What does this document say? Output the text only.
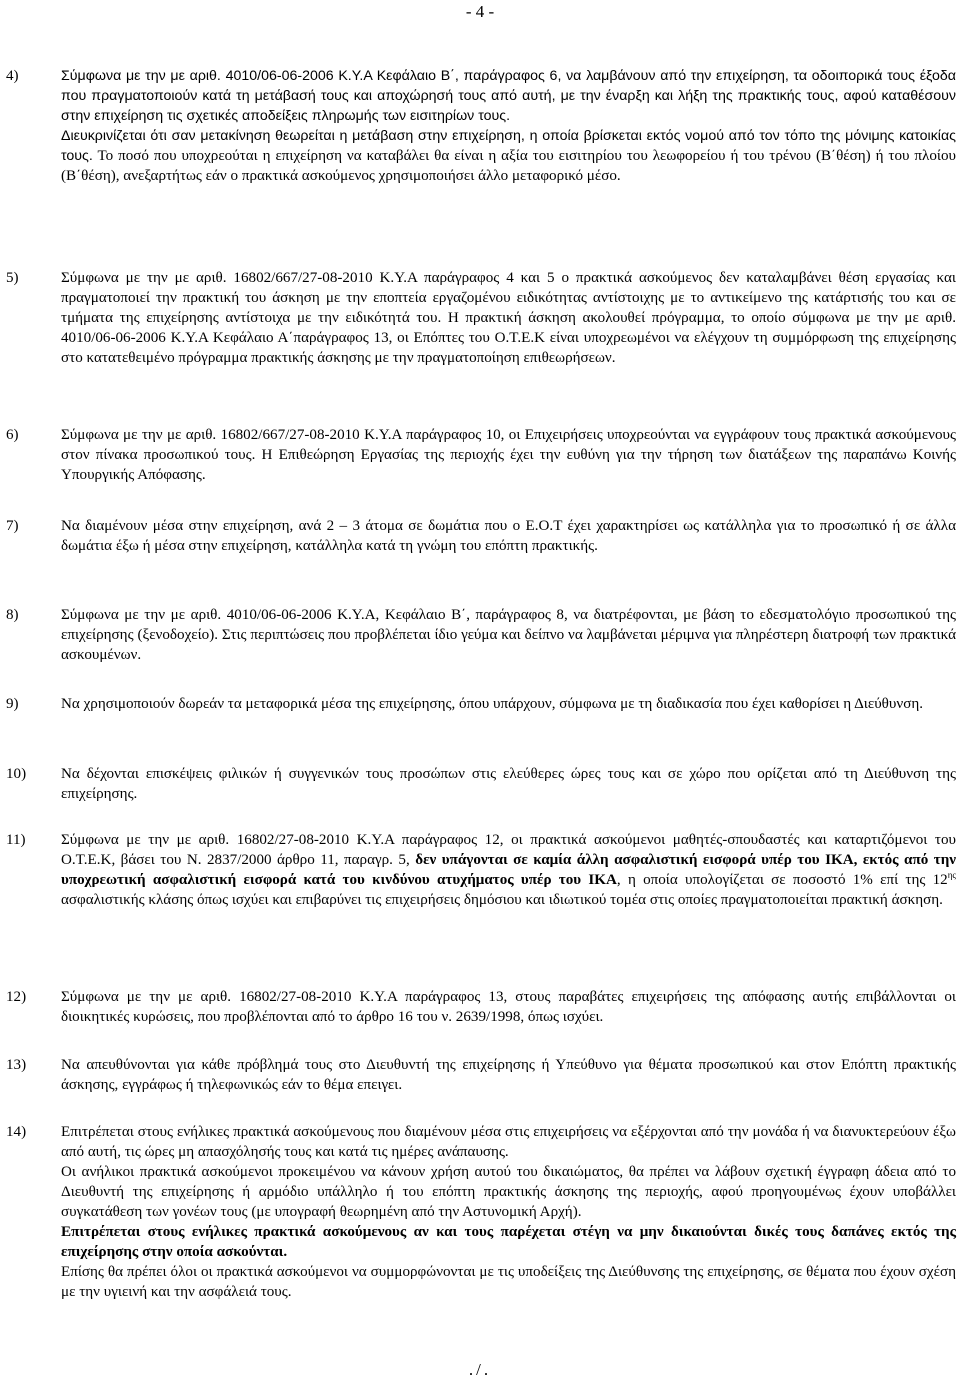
- 4 -
4)	Σύμφωνα με την με αριθ. 4010/06-06-2006 Κ.Υ.Α Κεφάλαιο Β΄, παράγραφος 6, να λαμβάνουν από την επιχείρηση, τα οδοιπορικά τους έξοδα που πραγματοποιούν κατά τη μετάβασή τους και αποχώρησή τους από αυτή, με την έναρξη και λήξη της πρακτικής τους, αφού καταθέσουν στην επιχείρηση τις σχετικές αποδείξεις πληρωμής των εισιτηρίων τους.

Διευκρινίζεται ότι σαν μετακίνηση θεωρείται η μετάβαση στην επιχείρηση, η οποία βρίσκεται εκτός νομού από τον τόπο της μόνιμης κατοικίας τους. Το ποσό που υποχρεούται η επιχείρηση να καταβάλει θα είναι η αξία του εισιτηρίου του λεωφορείου ή του τρένου (Β΄θέση) ή του πλοίου (Β΄θέση), ανεξαρτήτως εάν ο πρακτικά ασκούμενος χρησιμοποιήσει άλλο μεταφορικό μέσο.

5)	Σύμφωνα με την με αριθ. 16802/667/27-08-2010 Κ.Υ.Α παράγραφος 4 και 5 ο πρακτικά ασκούμενος δεν καταλαμβάνει θέση εργασίας και πραγματοποιεί την πρακτική του άσκηση με την εποπτεία εργαζομένου ειδικότητας αντίστοιχης με το αντικείμενο της κατάρτισής του και σε τμήματα της επιχείρησης αντίστοιχα με την ειδικότητά του. Η πρακτική άσκηση ακολουθεί πρόγραμμα, το οποίο σύμφωνα με την με αριθ. 4010/06-06-2006 Κ.Υ.Α Κεφάλαιο Α΄παράγραφος 13, οι Επόπτες του Ο.Τ.Ε.Κ είναι υποχρεωμένοι να ελέγχουν τη συμμόρφωση της επιχείρησης στο κατατεθειμένο πρόγραμμα πρακτικής άσκησης με την πραγματοποίηση επιθεωρήσεων.

6)	Σύμφωνα με την με αριθ. 16802/667/27-08-2010 Κ.Υ.Α παράγραφος 10, οι Επιχειρήσεις υποχρεούνται να εγγράφουν τους πρακτικά ασκούμενους στον πίνακα προσωπικού τους. Η Επιθεώρηση Εργασίας της περιοχής έχει την ευθύνη για την τήρηση των διατάξεων της παραπάνω Κοινής Υπουργικής Απόφασης.

7)	Να διαμένουν μέσα στην επιχείρηση, ανά 2 – 3 άτομα σε δωμάτια που ο Ε.Ο.Τ έχει χαρακτηρίσει ως κατάλληλα για το προσωπικό ή σε άλλα δωμάτια έξω ή μέσα στην επιχείρηση, κατάλληλα κατά τη γνώμη του επόπτη πρακτικής.

8)	Σύμφωνα με την με αριθ. 4010/06-06-2006 Κ.Υ.Α, Κεφάλαιο Β΄, παράγραφος 8, να διατρέφονται, με βάση το εδεσματολόγιο προσωπικού της επιχείρησης (ξενοδοχείο). Στις περιπτώσεις που προβλέπεται ίδιο γεύμα και δείπνο να λαμβάνεται μέριμνα για πληρέστερη διατροφή των πρακτικά ασκουμένων.

9)	Να χρησιμοποιούν δωρεάν τα μεταφορικά μέσα της επιχείρησης, όπου υπάρχουν, σύμφωνα με τη διαδικασία που έχει καθορίσει η Διεύθυνση.

10) Να δέχονται επισκέψεις φιλικών ή συγγενικών τους προσώπων στις ελεύθερες ώρες τους και σε χώρο που ορίζεται από τη Διεύθυνση της επιχείρησης.

11) Σύμφωνα με την με αριθ. 16802/27-08-2010 Κ.Υ.Α παράγραφος 12, οι πρακτικά ασκούμενοι μαθητές-σπουδαστές και καταρτιζόμενοι του Ο.Τ.Ε.Κ, βάσει του Ν. 2837/2000 άρθρο 11, παραγρ. 5, δεν υπάγονται σε καμία άλλη ασφαλιστική εισφορά υπέρ του ΙΚΑ, εκτός από την υποχρεωτική ασφαλιστική εισφορά κατά του κινδύνου ατυχήματος υπέρ του ΙΚΑ, η οποία υπολογίζεται σε ποσοστό 1% επί της $12^{\eta\varsigma}$ ασφαλιστικής κλάσης όπως ισχύει και επιβαρύνει τις επιχειρήσεις δημόσιου και ιδιωτικού τομέα στις οποίες πραγματοποιείται πρακτική άσκηση.

12) Σύμφωνα με την με αριθ. 16802/27-08-2010 Κ.Υ.Α παράγραφος 13, στους παραβάτες επιχειρήσεις της απόφασης αυτής επιβάλλονται οι διοικητικές κυρώσεις, που προβλέπονται από το άρθρο 16 του ν. 2639/1998, όπως ισχύει.

13) Να απευθύνονται για κάθε πρόβλημά τους στο Διευθυντή της επιχείρησης ή Υπεύθυνο για θέματα προσωπικού και στον Επόπτη πρακτικής άσκησης, εγγράφως ή τηλεφωνικώς εάν το θέμα επειγει.

14) Επιτρέπεται στους ενήλικες πρακτικά ασκούμενους που διαμένουν μέσα στις επιχειρήσεις να εξέρχονται από την μονάδα ή να διανυκτερεύουν έξω από αυτή, τις ώρες μη απασχόλησής τους και κατά τις ημέρες ανάπαυσης.

Οι ανήλικοι πρακτικά ασκούμενοι προκειμένου να κάνουν χρήση αυτού του δικαιώματος, θα πρέπει να λάβουν σχετική έγγραφη άδεια από το Διευθυντή της επιχείρησης ή αρμόδιο υπάλληλο ή του επόπτη πρακτικής άσκησης της περιοχής, αφού προηγουμένως έχουν υποβάλλει συγκατάθεση των γονέων τους (με υπογραφή θεωρημένη από την Αστυνομική Αρχή).

Επιτρέπεται στους ενήλικες πρακτικά ασκούμενους αν και τους παρέχεται στέγη να μην δικαιούνται δικές τους δαπάνες εκτός της επιχείρησης στην οποία ασκούνται.

Επίσης θα πρέπει όλοι οι πρακτικά ασκούμενοι να συμμορφώνονται με τις υποδείξεις της Διεύθυνσης της επιχείρησης, σε θέματα που έχουν σχέση με την υγιεινή και την ασφάλειά τους.

./.
